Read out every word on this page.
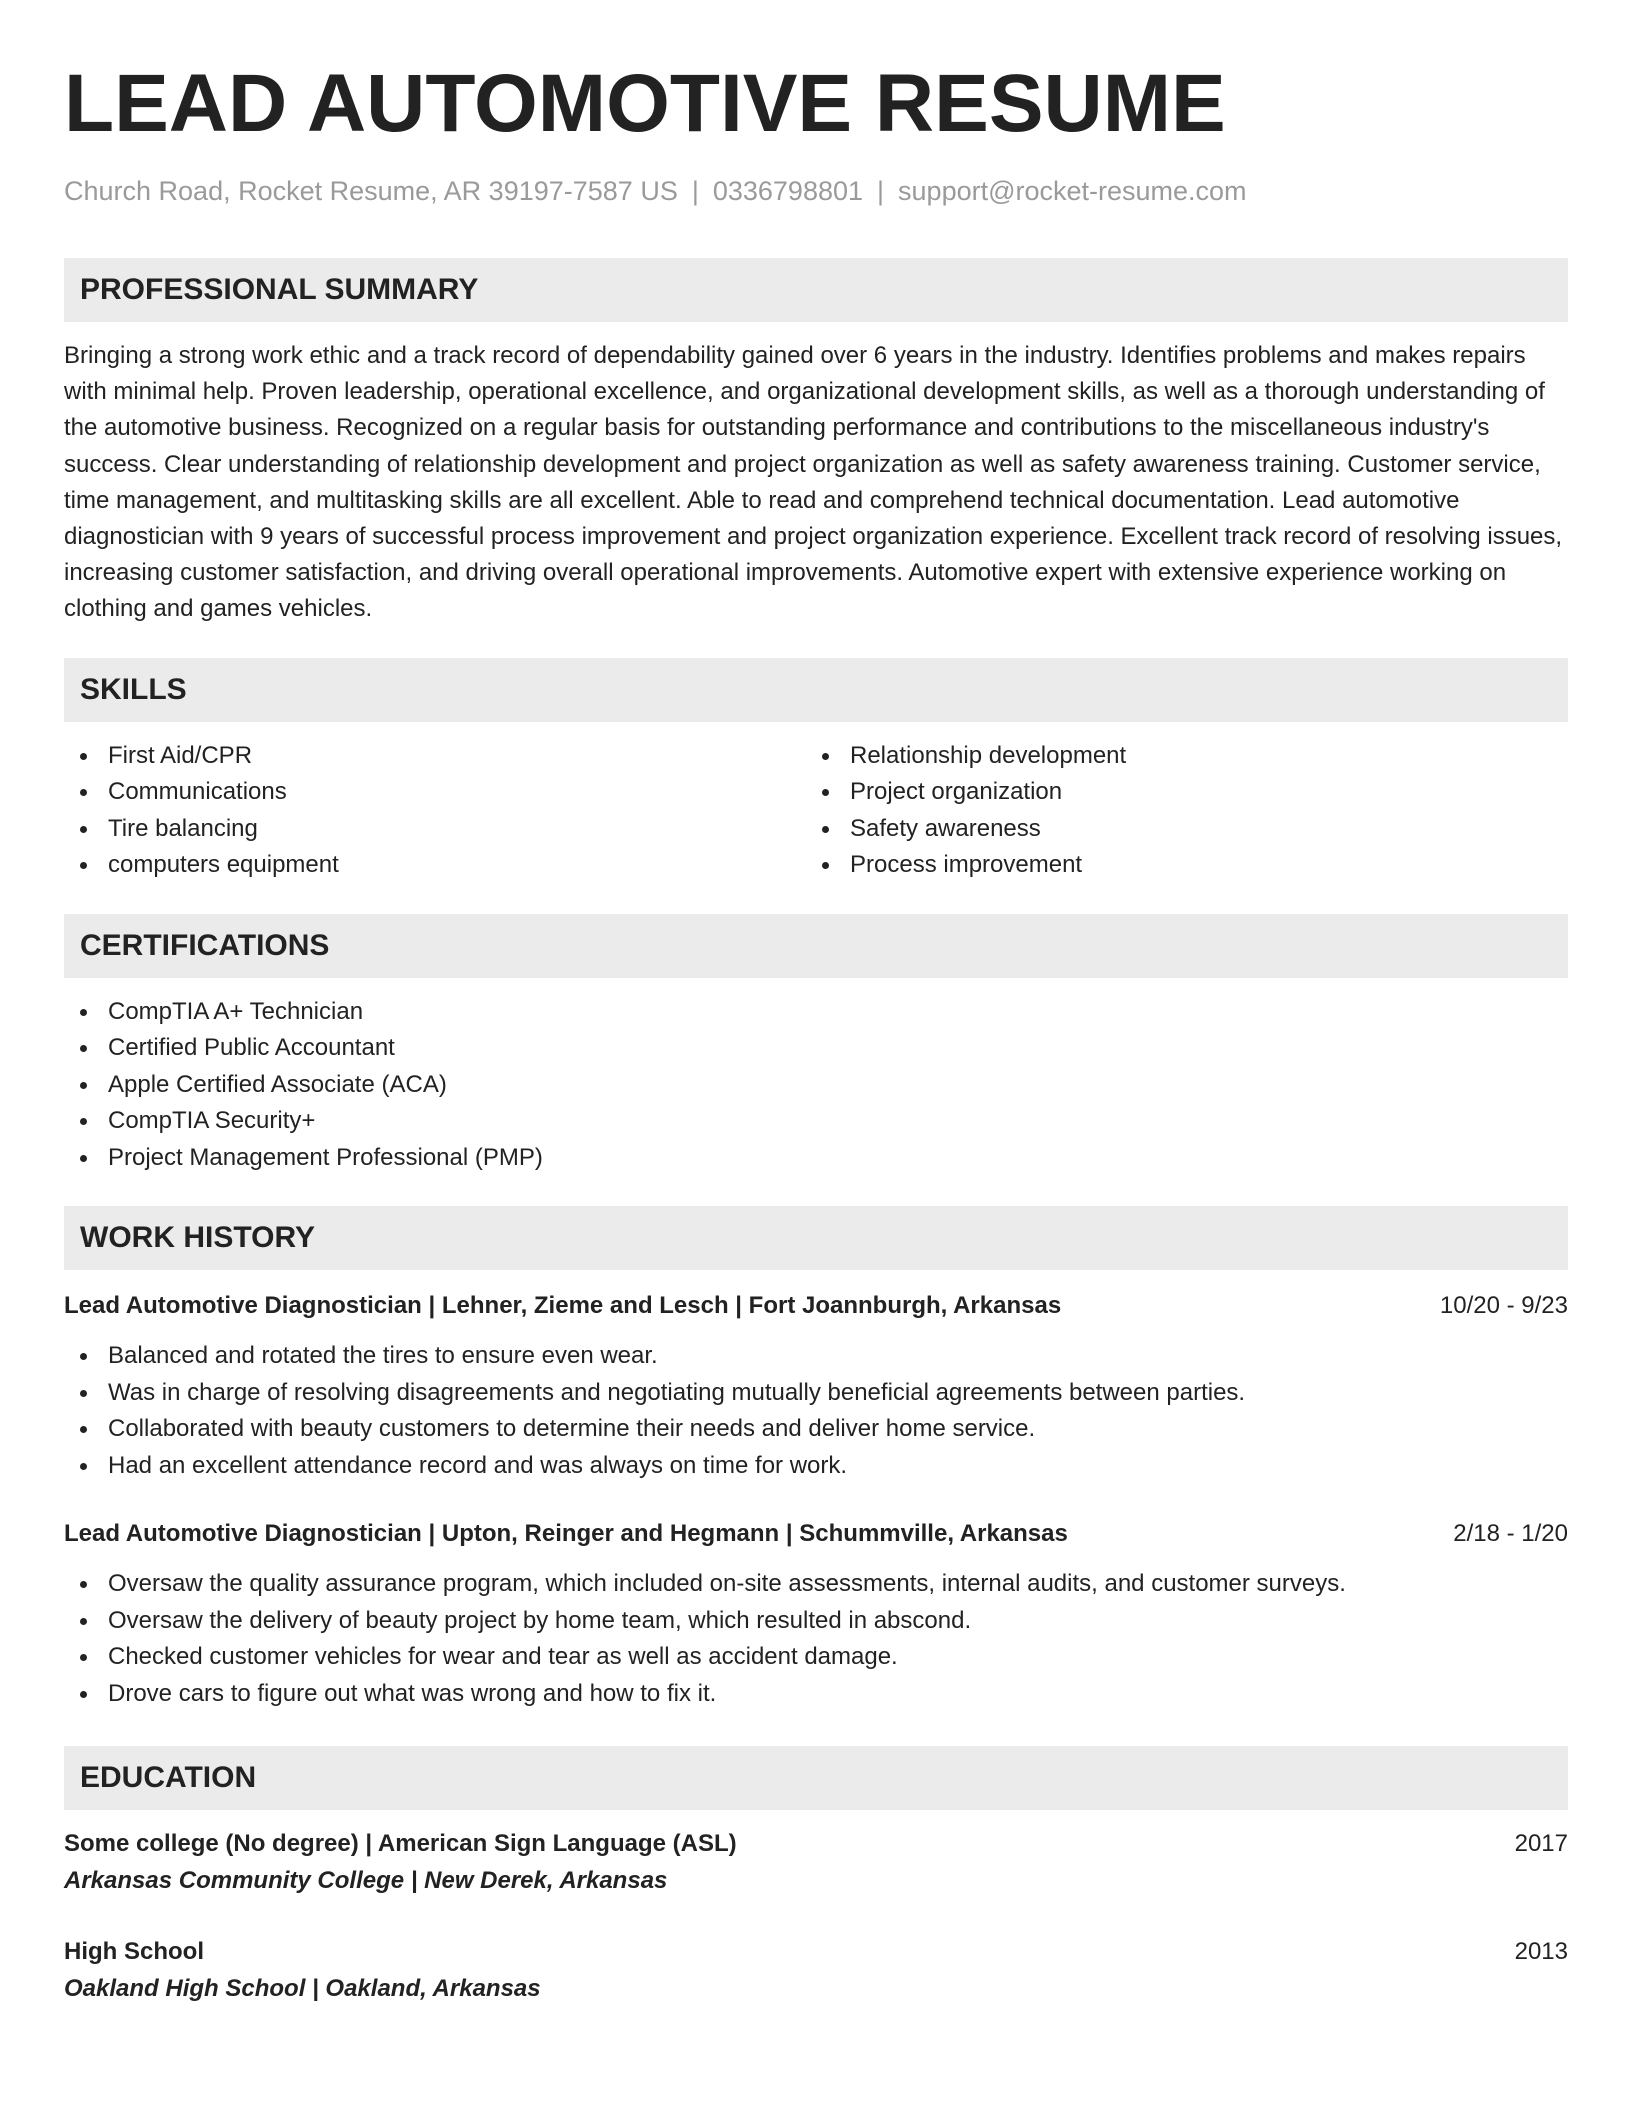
LEAD AUTOMOTIVE RESUME
Church Road, Rocket Resume, AR 39197-7587 US | 0336798801 | support@rocket-resume.com
PROFESSIONAL SUMMARY

Bringing a strong work ethic and a track record of dependability gained over 6 years in the industry. Identifies problems and makes repairs with minimal help. Proven leadership, operational excellence, and organizational development skills, as well as a thorough understanding of the automotive business. Recognized on a regular basis for outstanding performance and contributions to the miscellaneous industry's success. Clear understanding of relationship development and project organization as well as safety awareness training. Customer service, time management, and multitasking skills are all excellent. Able to read and comprehend technical documentation. Lead automotive diagnostician with 9 years of successful process improvement and project organization experience. Excellent track record of resolving issues, increasing customer satisfaction, and driving overall operational improvements. Automotive expert with extensive experience working on clothing and games vehicles.

SKILLS
First Aid/CPR
Communications
Tire balancing
computers equipment
Relationship development
Project organization
Safety awareness
Process improvement
CERTIFICATIONS
CompTIA A+ Technician
Certified Public Accountant
Apple Certified Associate (ACA)
CompTIA Security+
Project Management Professional (PMP)
WORK HISTORY
Lead Automotive Diagnostician | Lehner, Zieme and Lesch | Fort Joannburgh, Arkansas	10/20 - 9/23
Balanced and rotated the tires to ensure even wear.
Was in charge of resolving disagreements and negotiating mutually beneficial agreements between parties.
Collaborated with beauty customers to determine their needs and deliver home service.
Had an excellent attendance record and was always on time for work.
Lead Automotive Diagnostician | Upton, Reinger and Hegmann | Schummville, Arkansas	2/18 - 1/20
Oversaw the quality assurance program, which included on-site assessments, internal audits, and customer surveys.
Oversaw the delivery of beauty project by home team, which resulted in abscond.
Checked customer vehicles for wear and tear as well as accident damage.
Drove cars to figure out what was wrong and how to fix it.
EDUCATION
Some college (No degree) | American Sign Language (ASL)	2017
Arkansas Community College | New Derek, Arkansas
High School	2013
Oakland High School | Oakland, Arkansas
